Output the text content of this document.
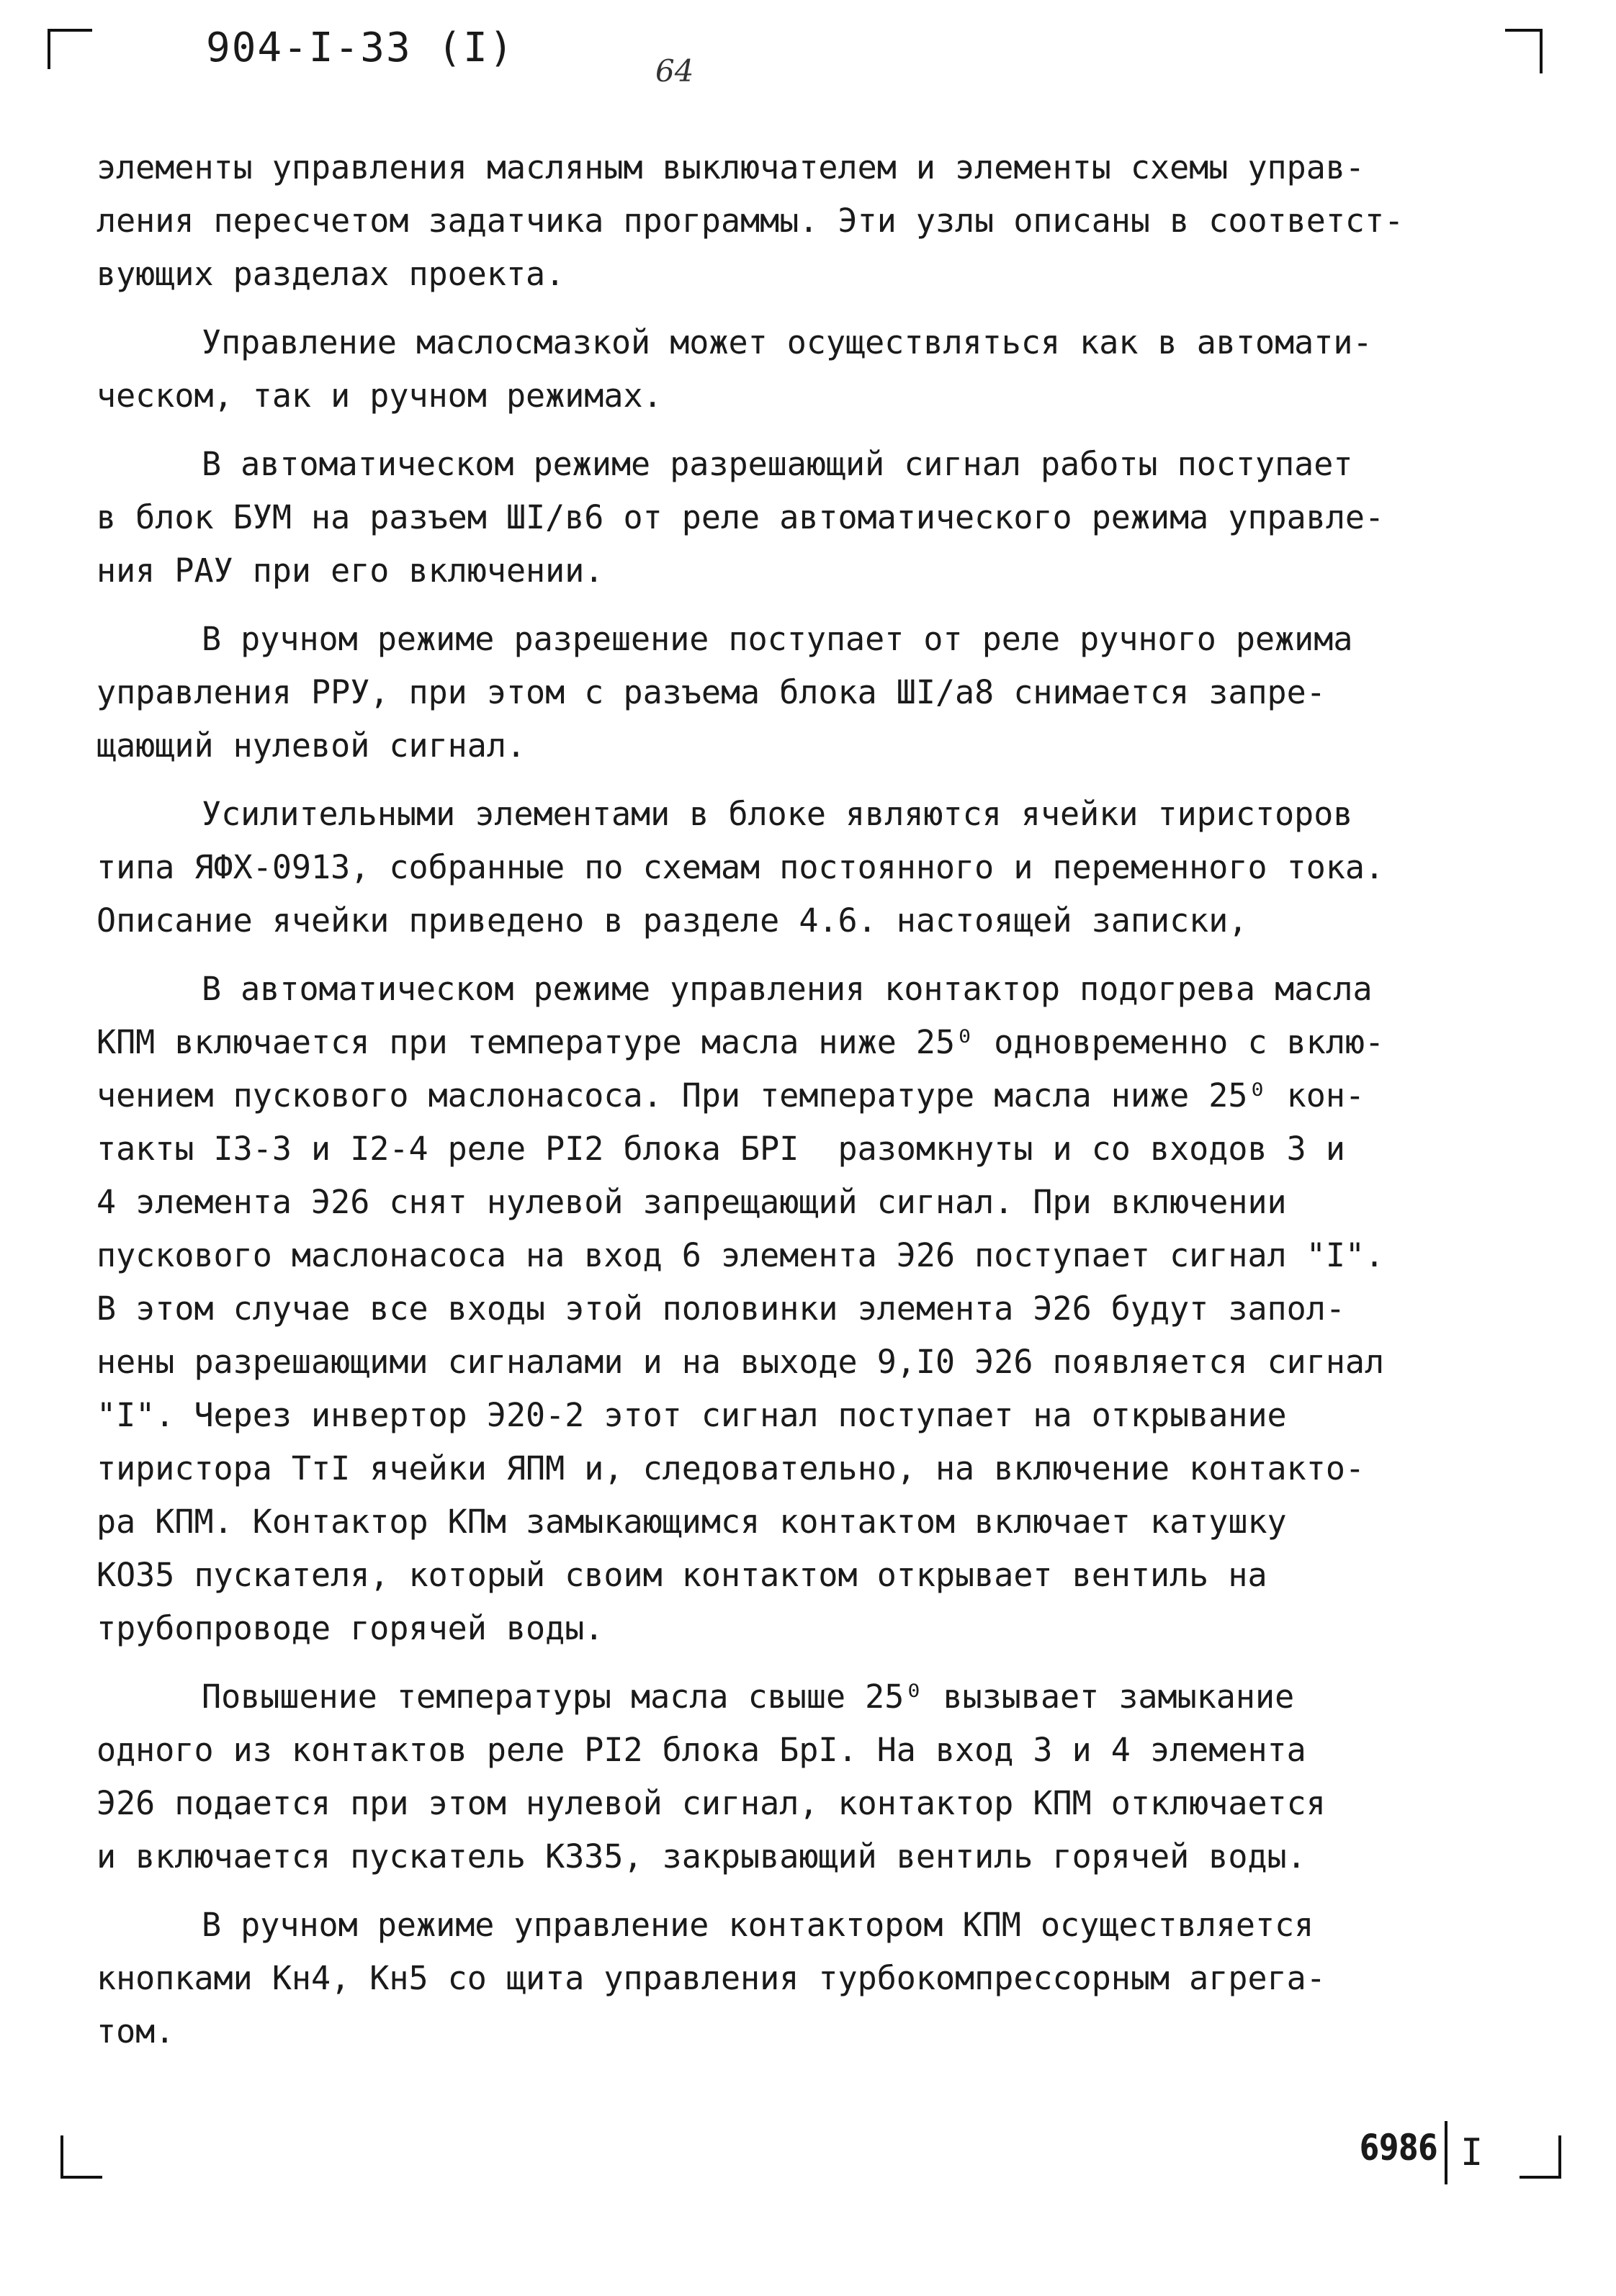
904-I-33 (I)	64
элементы управления масляным выключателем и элементы схемы управ-
ления пересчетом задатчика программы. Эти узлы описаны в соответст-
вующих разделах проекта.
Управление маслосмазкой может осуществляться как в автомати-
ческом, так и ручном режимах.
В автоматическом режиме разрешающий сигнал работы поступает
в блок БУМ на разъем ШI/в6 от реле автоматического режима управле-
ния РАУ при его включении.
В ручном режиме разрешение поступает от реле ручного режима
управления РРУ, при этом с разъема блока ШI/а8 снимается запре-
щающий нулевой сигнал.
Усилительными элементами в блоке являются ячейки тиристоров
типа ЯФХ-0913, собранные по схемам постоянного и переменного тока.
Описание ячейки приведено в разделе 4.6. настоящей записки,
В автоматическом режиме управления контактор подогрева масла
КПМ включается при температуре масла ниже 25⁰ одновременно с вклю-
чением пускового маслонасоса. При температуре масла ниже 25⁰ кон-
такты I3-3 и I2-4 реле PI2 блока БРI  разомкнуты и со входов 3 и
4 элемента Э26 снят нулевой запрещающий сигнал. При включении
пускового маслонасоса на вход 6 элемента Э26 поступает сигнал "I".
В этом случае все входы этой половинки элемента Э26 будут запол-
нены разрешающими сигналами и на выходе 9,I0 Э26 появляется сигнал
"I". Через инвертор Э20-2 этот сигнал поступает на открывание
тиристора ТтI ячейки ЯПМ и, следовательно, на включение контакто-
ра КПМ. Контактор КПм замыкающимся контактом включает катушку
КО35 пускателя, который своим контактом открывает вентиль на
трубопроводе горячей воды.
Повышение температуры масла свыше 25⁰ вызывает замыкание
одного из контактов реле PI2 блока БрI. На вход 3 и 4 элемента
Э26 подается при этом нулевой сигнал, контактор КПМ отключается
и включается пускатель К335, закрывающий вентиль горячей воды.
В ручном режиме управление контактором КПМ осуществляется
кнопками Кн4, Кн5 со щита управления турбокомпрессорным агрега-
том.
6986 I
